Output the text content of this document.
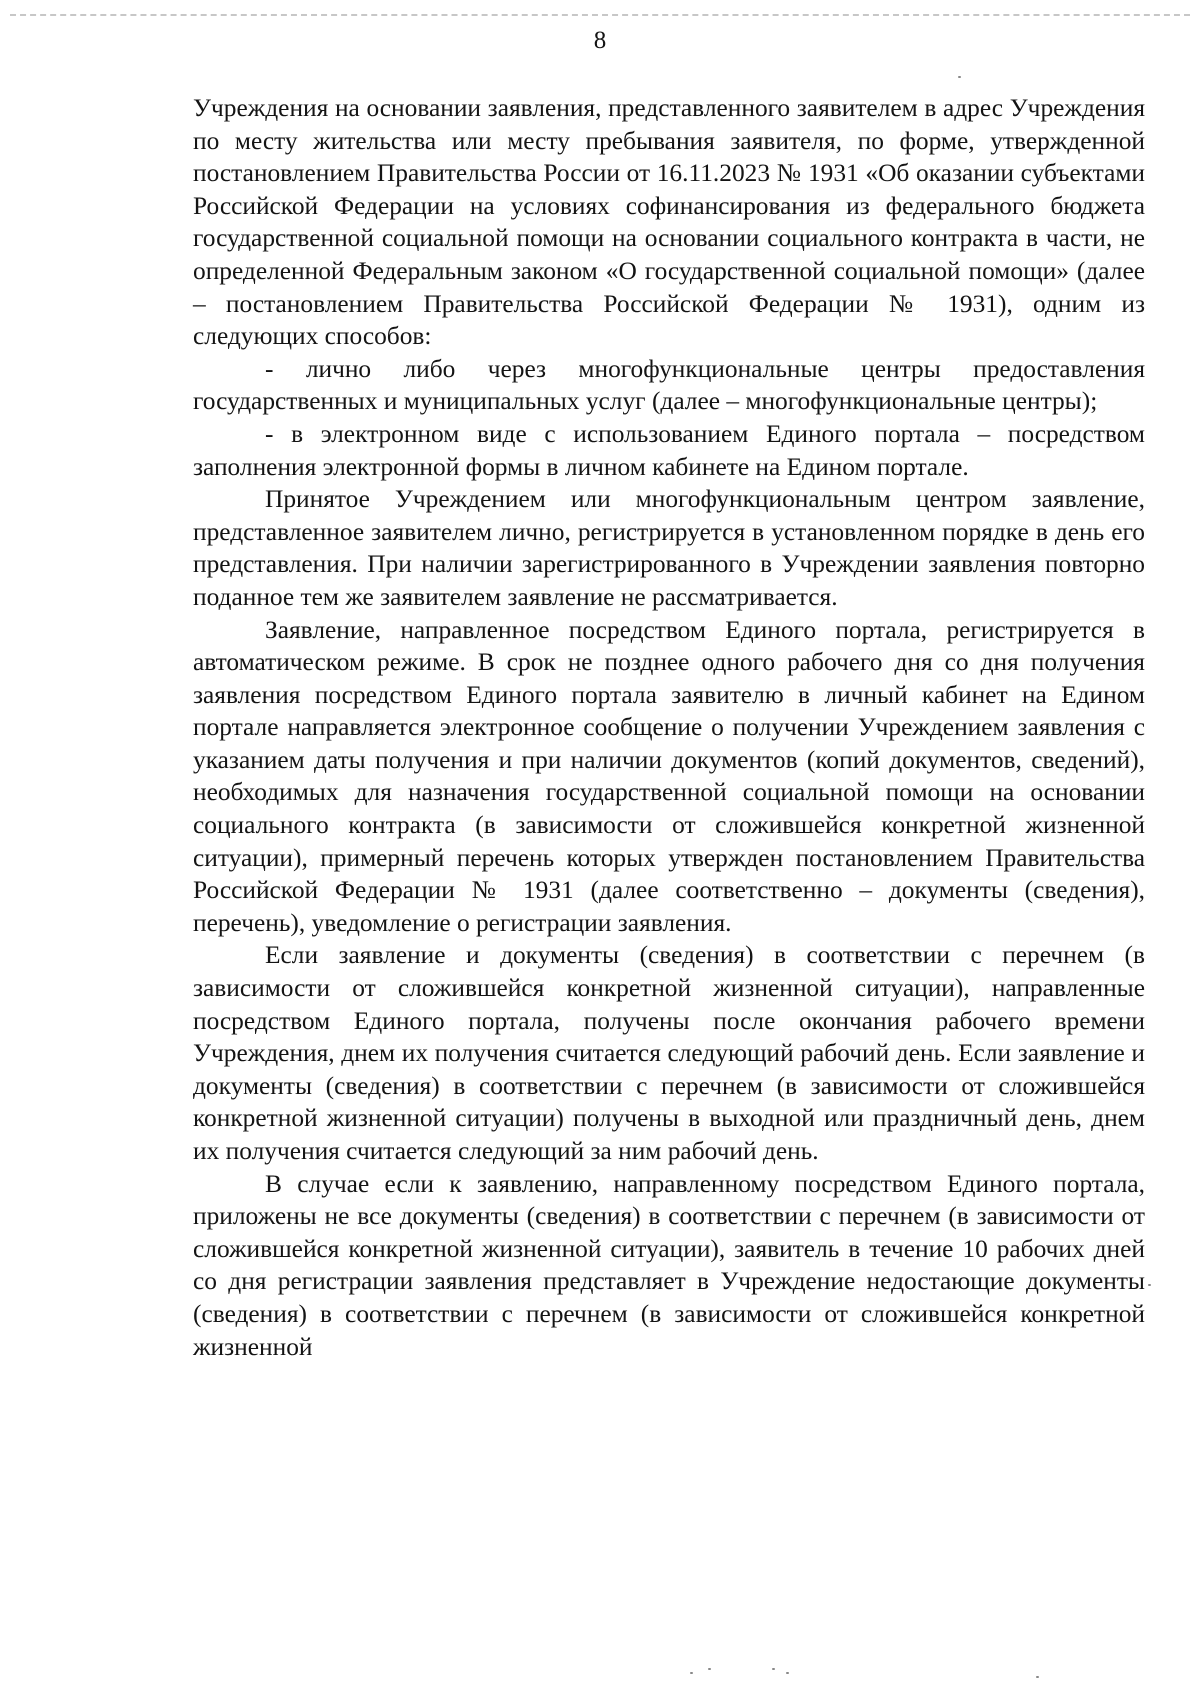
8

Учреждения на основании заявления, представленного заявителем в адрес Учреждения по месту жительства или месту пребывания заявителя, по форме, утвержденной постановлением Правительства России от 16.11.2023 № 1931 «Об оказании субъектами Российской Федерации на условиях софинансирования из федерального бюджета государственной социальной помощи на основании социального контракта в части, не определенной Федеральным законом «О государственной социальной помощи» (далее – постановлением Правительства Российской Федерации № 1931), одним из следующих способов:

- лично либо через многофункциональные центры предоставления государственных и муниципальных услуг (далее – многофункциональные центры);

- в электронном виде с использованием Единого портала – посредством заполнения электронной формы в личном кабинете на Едином портале.

Принятое Учреждением или многофункциональным центром заявление, представленное заявителем лично, регистрируется в установленном порядке в день его представления. При наличии зарегистрированного в Учреждении заявления повторно поданное тем же заявителем заявление не рассматривается.

Заявление, направленное посредством Единого портала, регистрируется в автоматическом режиме. В срок не позднее одного рабочего дня со дня получения заявления посредством Единого портала заявителю в личный кабинет на Едином портале направляется электронное сообщение о получении Учреждением заявления с указанием даты получения и при наличии документов (копий документов, сведений), необходимых для назначения государственной социальной помощи на основании социального контракта (в зависимости от сложившейся конкретной жизненной ситуации), примерный перечень которых утвержден постановлением Правительства Российской Федерации № 1931 (далее соответственно – документы (сведения), перечень), уведомление о регистрации заявления.

Если заявление и документы (сведения) в соответствии с перечнем (в зависимости от сложившейся конкретной жизненной ситуации), направленные посредством Единого портала, получены после окончания рабочего времени Учреждения, днем их получения считается следующий рабочий день. Если заявление и документы (сведения) в соответствии с перечнем (в зависимости от сложившейся конкретной жизненной ситуации) получены в выходной или праздничный день, днем их получения считается следующий за ним рабочий день.

В случае если к заявлению, направленному посредством Единого портала, приложены не все документы (сведения) в соответствии с перечнем (в зависимости от сложившейся конкретной жизненной ситуации), заявитель в течение 10 рабочих дней со дня регистрации заявления представляет в Учреждение недостающие документы (сведения) в соответствии с перечнем (в зависимости от сложившейся конкретной жизненной
